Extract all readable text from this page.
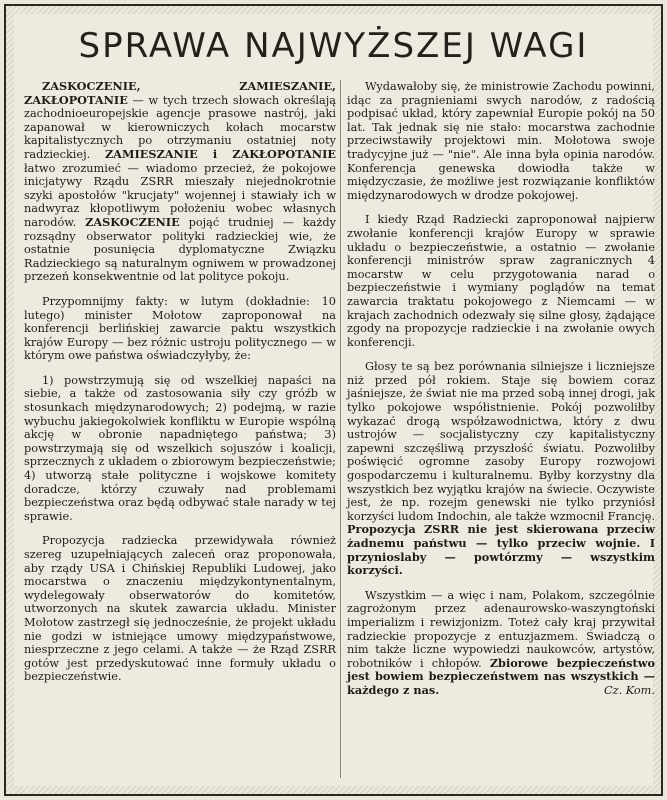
SPRAWA NAJWYŻSZEJ WAGI

ZASKOCZENIE, ZAMIESZANIE, ZAKŁOPOTANIE — w tych trzech słowach określają zachodnioeuropejskie agencje prasowe nastrój, jaki zapanował w kierowniczych kołach mocarstw kapitalistycznych po otrzymaniu ostatniej noty radzieckiej. ZAMIESZANIE i ZAKŁOPOTANIE łatwo zrozumieć — wiadomo przecież, że pokojowe inicjatywy Rządu ZSRR mieszały niejednokrotnie szyki apostołów "krucjaty" wojennej i stawiały ich w nadwyraz kłopotliwym położeniu wobec własnych narodów. ZASKOCZENIE pojąć trudniej — każdy rozsądny obserwator polityki radzieckiej wie, że ostatnie posunięcia dyplomatyczne Związku Radzieckiego są naturalnym ogniwem w prowadzonej przezeń konsekwentnie od lat polityce pokoju.

Przypomnijmy fakty: w lutym (dokładnie: 10 lutego) minister Mołotow zaproponował na konferencji berlińskiej zawarcie paktu wszystkich krajów Europy — bez różnic ustroju politycznego — w którym owe państwa oświadczyłyby, że:

1) powstrzymują się od wszelkiej napaści na siebie, a także od zastosowania siły czy gróźb w stosunkach międzynarodowych; 2) podejmą, w razie wybuchu jakiegokolwiek konfliktu w Europie wspólną akcję w obronie napadniętego państwa; 3) powstrzymają się od wszelkich sojuszów i koalicji, sprzecznych z układem o zbiorowym bezpieczeństwie; 4) utworzą stałe polityczne i wojskowe komitety doradcze, którzy czuwały nad problemami bezpieczeństwa oraz będą odbywać stałe narady w tej sprawie.

Propozycja radziecka przewidywała również szereg uzupełniających zaleceń oraz proponowała, aby rządy USA i Chińskiej Republiki Ludowej, jako mocarstwa o znaczeniu międzykontynentalnym, wydelegowały obserwatorów do komitetów, utworzonych na skutek zawarcia układu. Minister Mołotow zastrzegł się jednocześnie, że projekt układu nie godzi w istniejące umowy międzypaństwowe, niesprzeczne z jego celami. A także — że Rząd ZSRR gotów jest przedyskutować inne formuły układu o bezpieczeństwie.

Wydawałoby się, że ministrowie Zachodu powinni, idąc za pragnieniami swych narodów, z radością podpisać układ, który zapewniał Europie pokój na 50 lat. Tak jednak się nie stało: mocarstwa zachodnie przeciwstawiły projektowi min. Mołotowa swoje tradycyjne już — "nie". Ale inna była opinia narodów. Konferencja genewska dowiodła także w międzyczasie, że możliwe jest rozwiązanie konfliktów międzynarodowych w drodze pokojowej.

I kiedy Rząd Radziecki zaproponował najpierw zwołanie konferencji krajów Europy w sprawie układu o bezpieczeństwie, a ostatnio — zwołanie konferencji ministrów spraw zagranicznych 4 mocarstw w celu przygotowania narad o bezpieczeństwie i wymiany poglądów na temat zawarcia traktatu pokojowego z Niemcami — w krajach zachodnich odezwały się silne głosy, żądające zgody na propozycje radzieckie i na zwołanie owych konferencji.

Głosy te są bez porównania silniejsze i liczniejsze niż przed pół rokiem. Staje się bowiem coraz jaśniejsze, że świat nie ma przed sobą innej drogi, jak tylko pokojowe współistnienie. Pokój pozwoliłby wykazać drogą współzawodnictwa, który z dwu ustrojów — socjalistyczny czy kapitalistyczny zapewni szczęśliwą przyszłość światu. Pozwoliłby poświęcić ogromne zasoby Europy rozwojowi gospodarczemu i kulturalnemu. Byłby korzystny dla wszystkich bez wyjątku krajów na świecie. Oczywiste jest, że np. rozejm genewski nie tylko przyniósł korzyści ludom Indochin, ale także wzmocnił Francję. Propozycja ZSRR nie jest skierowana przeciw żadnemu państwu — tylko przeciw wojnie. I przynioslaby — powtórzmy — wszystkim korzyści.

Wszystkim — a więc i nam, Polakom, szczególnie zagrożonym przez adenaurowsko-waszyngtoński imperializm i rewizjonizm. Toteż cały kraj przywitał radzieckie propozycje z entuzjazmem. Świadczą o nim także liczne wypowiedzi naukowców, artystów, robotników i chłopów. Zbiorowe bezpieczeństwo jest bowiem bezpieczeństwem nas wszystkich — każdego z nas.	Cz. Kom.
